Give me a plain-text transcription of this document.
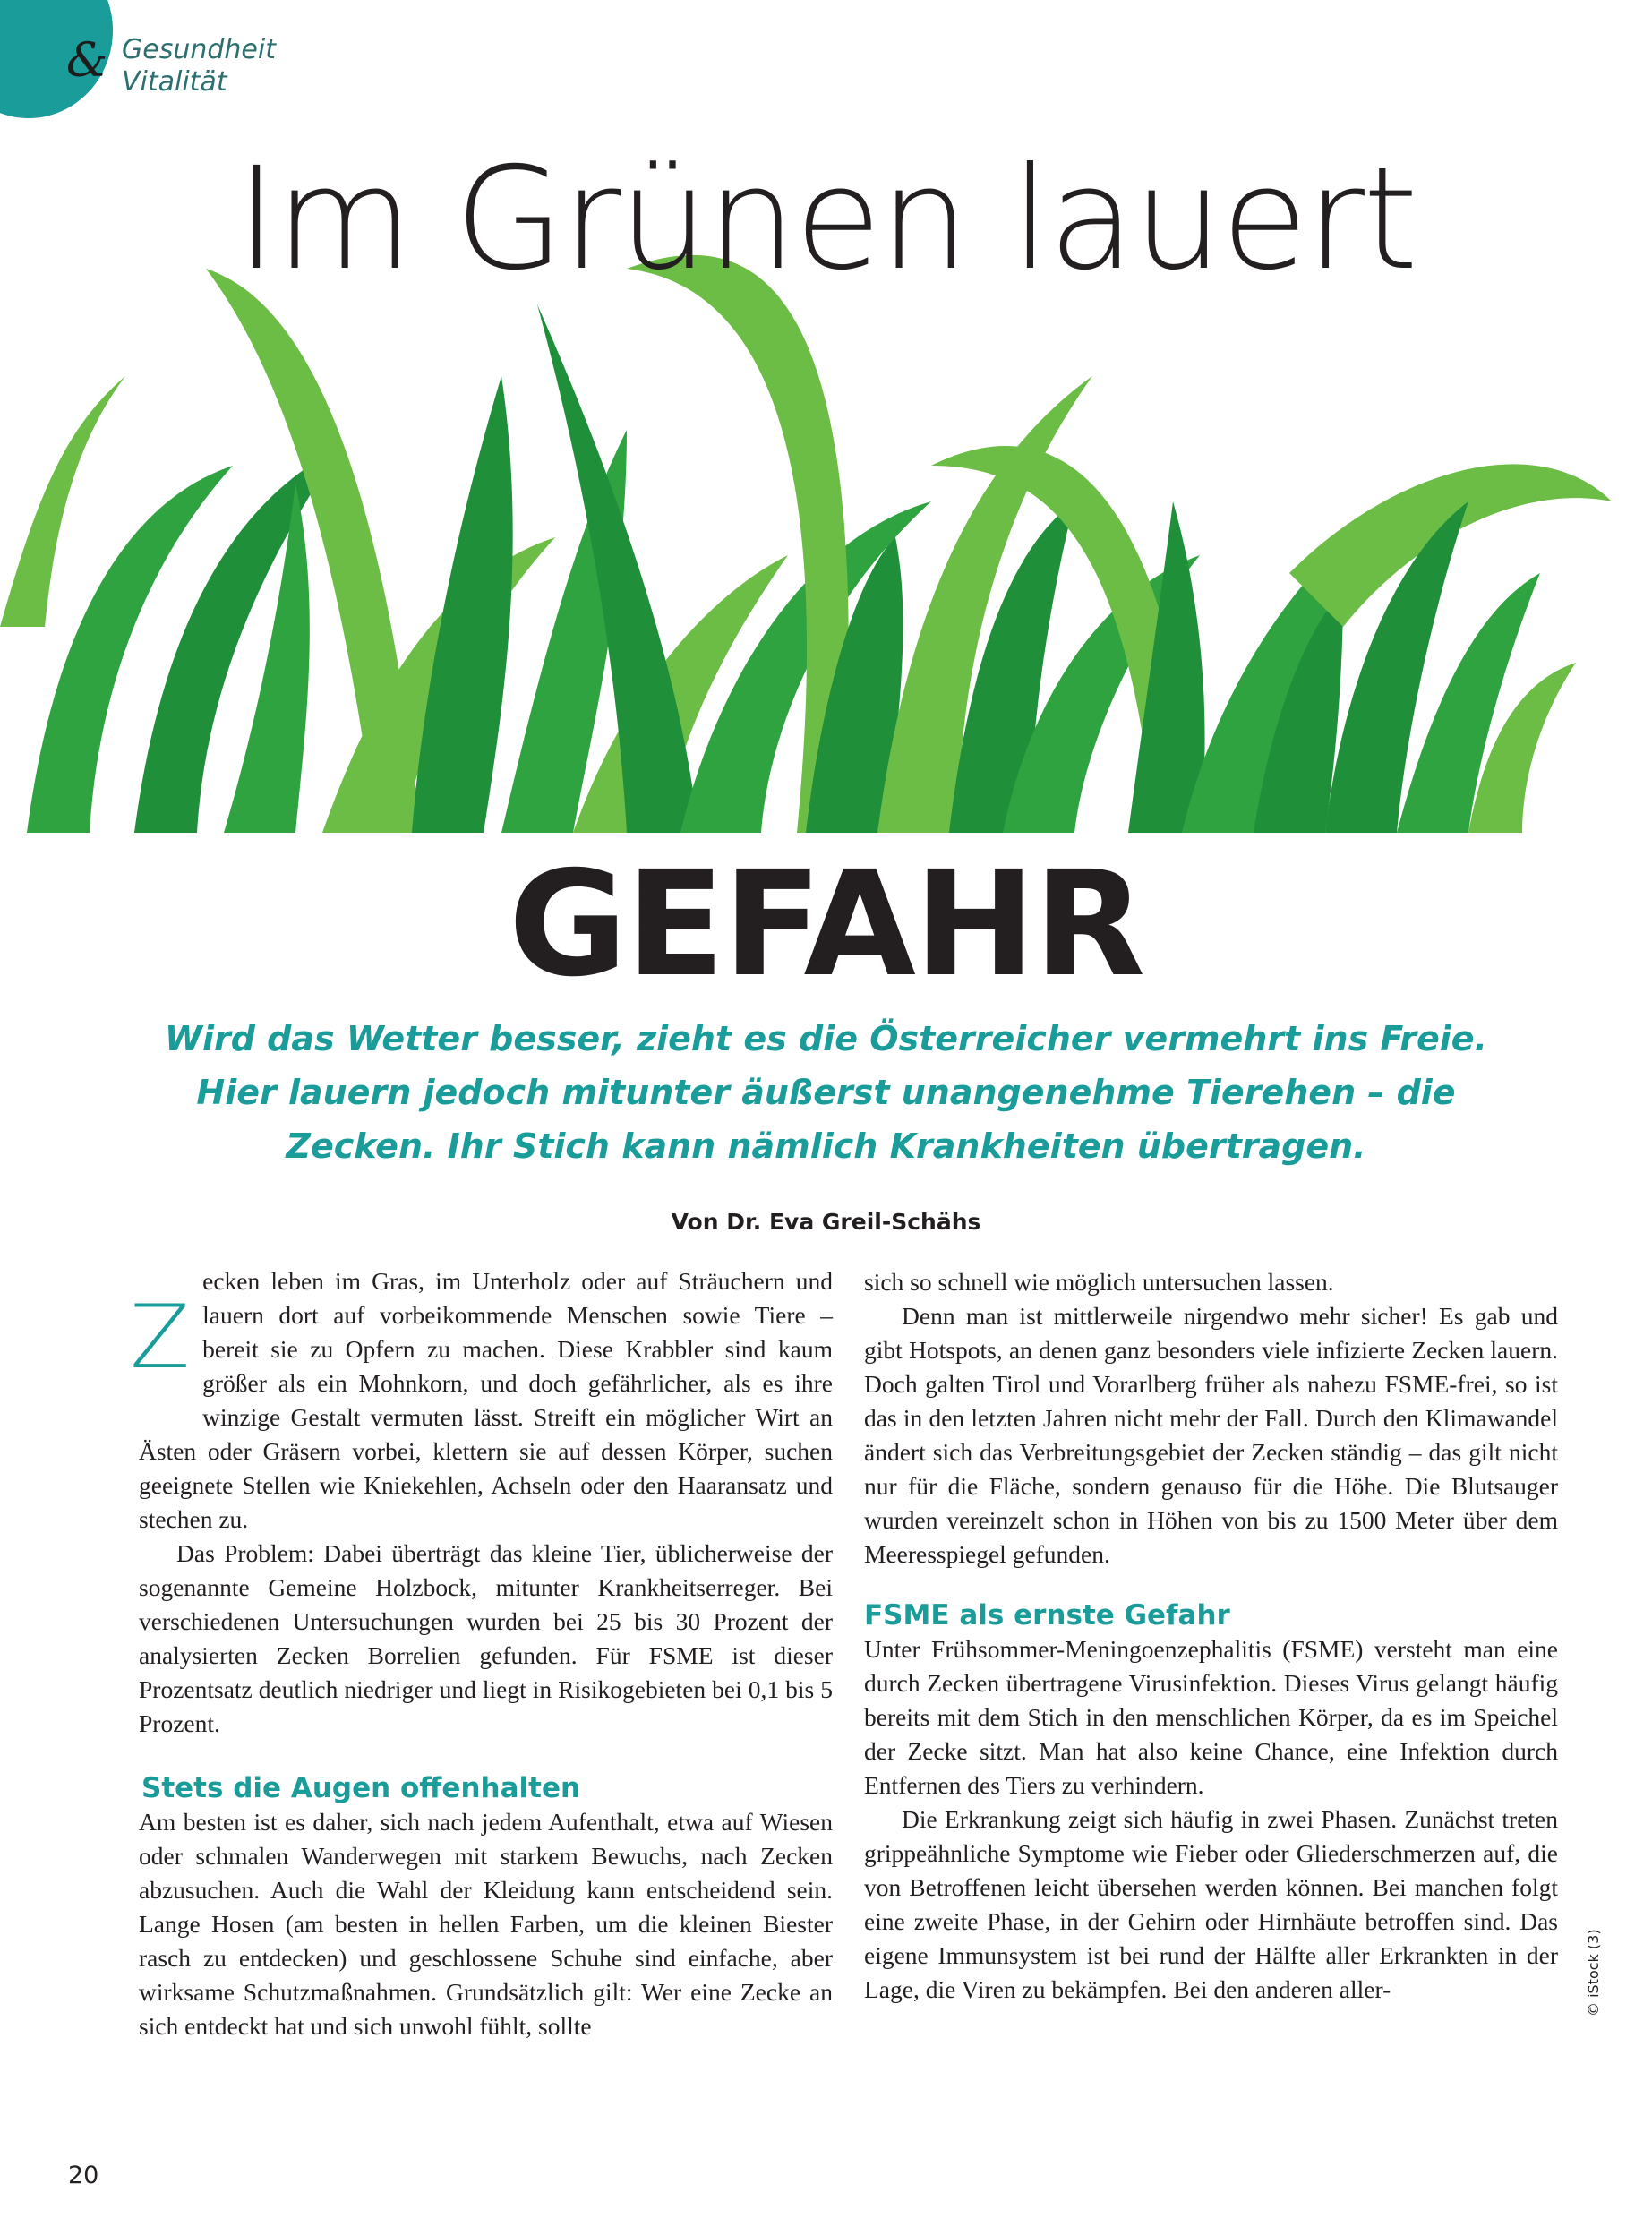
& Gesundheit
Vitalität
Im Grünen lauert
GEFAHR
Wird das Wetter besser, zieht es die Österreicher vermehrt ins Freie. Hier lauern jedoch mitunter äußerst unangenehme Tierehen – die Zecken. Ihr Stich kann nämlich Krankheiten übertragen.
Von Dr. Eva Greil-Schähs
Z

ecken leben im Gras, im Unterholz oder auf Sträuchern und lauern dort auf vorbeikommende Menschen sowie Tiere – bereit sie zu Opfern zu machen. Diese Krabbler sind kaum größer als ein Mohnkorn, und doch gefährlicher, als es ihre winzige Gestalt vermuten lässt. Streift ein möglicher Wirt an Ästen oder Gräsern vorbei, klettern sie auf dessen Körper, suchen geeignete Stellen wie Kniekehlen, Achseln oder den Haaransatz und stechen zu.

Das Problem: Dabei überträgt das kleine Tier, üblicherweise der sogenannte Gemeine Holzbock, mitunter Krankheitserreger. Bei verschiedenen Untersuchungen wurden bei 25 bis 30 Prozent der analysierten Zecken Borrelien gefunden. Für FSME ist dieser Prozentsatz deutlich niedriger und liegt in Risikogebieten bei 0,1 bis 5 Prozent.

Stets die Augen offenhalten

Am besten ist es daher, sich nach jedem Aufenthalt, etwa auf Wiesen oder schmalen Wanderwegen mit starkem Bewuchs, nach Zecken abzusuchen. Auch die Wahl der Kleidung kann entscheidend sein. Lange Hosen (am besten in hellen Farben, um die kleinen Biester rasch zu entdecken) und geschlossene Schuhe sind einfache, aber wirksame Schutzmaßnahmen. Grundsätzlich gilt: Wer eine Zecke an sich entdeckt hat und sich unwohl fühlt, sollte

sich so schnell wie möglich untersuchen lassen.

Denn man ist mittlerweile nirgendwo mehr sicher! Es gab und gibt Hotspots, an denen ganz besonders viele infizierte Zecken lauern. Doch galten Tirol und Vorarlberg früher als nahezu FSME-frei, so ist das in den letzten Jahren nicht mehr der Fall. Durch den Klimawandel ändert sich das Verbreitungsgebiet der Zecken ständig – das gilt nicht nur für die Fläche, sondern genauso für die Höhe. Die Blutsauger wurden vereinzelt schon in Höhen von bis zu 1500 Meter über dem Meeresspiegel gefunden.

FSME als ernste Gefahr

Unter Frühsommer-Meningoenzephalitis (FSME) versteht man eine durch Zecken übertragene Virusinfektion. Dieses Virus gelangt häufig bereits mit dem Stich in den menschlichen Körper, da es im Speichel der Zecke sitzt. Man hat also keine Chance, eine Infektion durch Entfernen des Tiers zu verhindern.

Die Erkrankung zeigt sich häufig in zwei Phasen. Zunächst treten grippeähnliche Symptome wie Fieber oder Gliederschmerzen auf, die von Betroffenen leicht übersehen werden können. Bei manchen folgt eine zweite Phase, in der Gehirn oder Hirnhäute betroffen sind. Das eigene Immunsystem ist bei rund der Hälfte aller Erkrankten in der Lage, die Viren zu bekämpfen. Bei den anderen aller-

20
© iStock (3)
